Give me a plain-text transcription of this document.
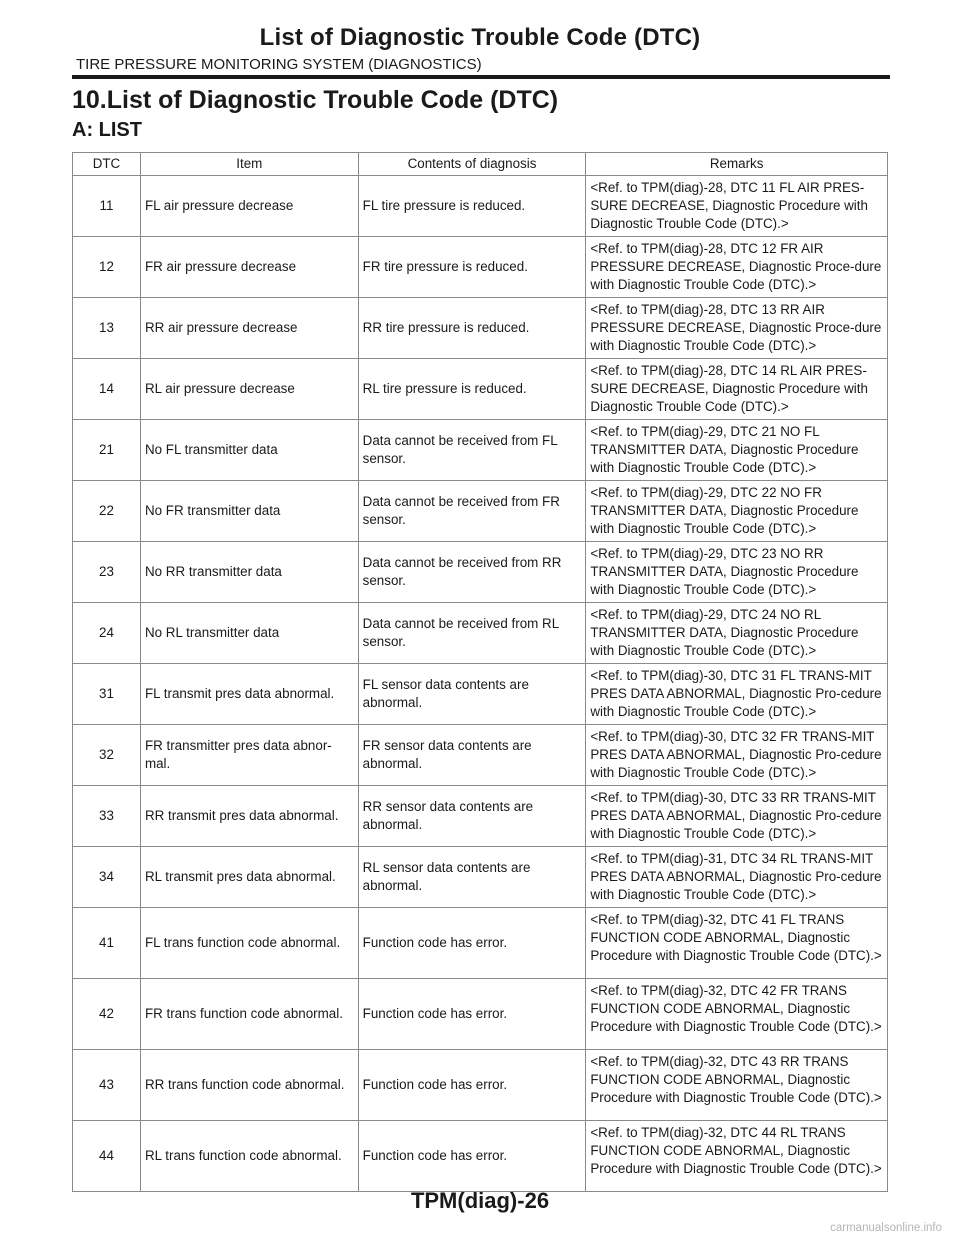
List of Diagnostic Trouble Code (DTC)
TIRE PRESSURE MONITORING SYSTEM (DIAGNOSTICS)
10.List of Diagnostic Trouble Code (DTC)
A: LIST
DTC	Item	Contents of diagnosis	Remarks
11	FL air pressure decrease	FL tire pressure is reduced.	<Ref. to TPM(diag)-28, DTC 11 FL AIR PRES-SURE DECREASE, Diagnostic Procedure with Diagnostic Trouble Code (DTC).>
12	FR air pressure decrease	FR tire pressure is reduced.	<Ref. to TPM(diag)-28, DTC 12 FR AIR PRESSURE DECREASE, Diagnostic Proce-dure with Diagnostic Trouble Code (DTC).>
13	RR air pressure decrease	RR tire pressure is reduced.	<Ref. to TPM(diag)-28, DTC 13 RR AIR PRESSURE DECREASE, Diagnostic Proce-dure with Diagnostic Trouble Code (DTC).>
14	RL air pressure decrease	RL tire pressure is reduced.	<Ref. to TPM(diag)-28, DTC 14 RL AIR PRES-SURE DECREASE, Diagnostic Procedure with Diagnostic Trouble Code (DTC).>
21	No FL transmitter data	Data cannot be received from FL sensor.	<Ref. to TPM(diag)-29, DTC 21 NO FL TRANSMITTER DATA, Diagnostic Procedure with Diagnostic Trouble Code (DTC).>
22	No FR transmitter data	Data cannot be received from FR sensor.	<Ref. to TPM(diag)-29, DTC 22 NO FR TRANSMITTER DATA, Diagnostic Procedure with Diagnostic Trouble Code (DTC).>
23	No RR transmitter data	Data cannot be received from RR sensor.	<Ref. to TPM(diag)-29, DTC 23 NO RR TRANSMITTER DATA, Diagnostic Procedure with Diagnostic Trouble Code (DTC).>
24	No RL transmitter data	Data cannot be received from RL sensor.	<Ref. to TPM(diag)-29, DTC 24 NO RL TRANSMITTER DATA, Diagnostic Procedure with Diagnostic Trouble Code (DTC).>
31	FL transmit pres data abnormal.	FL sensor data contents are abnormal.	<Ref. to TPM(diag)-30, DTC 31 FL TRANS-MIT PRES DATA ABNORMAL, Diagnostic Pro-cedure with Diagnostic Trouble Code (DTC).>
32	FR transmitter pres data abnor-mal.	FR sensor data contents are abnormal.	<Ref. to TPM(diag)-30, DTC 32 FR TRANS-MIT PRES DATA ABNORMAL, Diagnostic Pro-cedure with Diagnostic Trouble Code (DTC).>
33	RR transmit pres data abnormal.	RR sensor data contents are abnormal.	<Ref. to TPM(diag)-30, DTC 33 RR TRANS-MIT PRES DATA ABNORMAL, Diagnostic Pro-cedure with Diagnostic Trouble Code (DTC).>
34	RL transmit pres data abnormal.	RL sensor data contents are abnormal.	<Ref. to TPM(diag)-31, DTC 34 RL TRANS-MIT PRES DATA ABNORMAL, Diagnostic Pro-cedure with Diagnostic Trouble Code (DTC).>
41	FL trans function code abnormal.	Function code has error.	<Ref. to TPM(diag)-32, DTC 41 FL TRANS FUNCTION CODE ABNORMAL, Diagnostic Procedure with Diagnostic Trouble Code (DTC).>
42	FR trans function code abnormal.	Function code has error.	<Ref. to TPM(diag)-32, DTC 42 FR TRANS FUNCTION CODE ABNORMAL, Diagnostic Procedure with Diagnostic Trouble Code (DTC).>
43	RR trans function code abnormal.	Function code has error.	<Ref. to TPM(diag)-32, DTC 43 RR TRANS FUNCTION CODE ABNORMAL, Diagnostic Procedure with Diagnostic Trouble Code (DTC).>
44	RL trans function code abnormal.	Function code has error.	<Ref. to TPM(diag)-32, DTC 44 RL TRANS FUNCTION CODE ABNORMAL, Diagnostic Procedure with Diagnostic Trouble Code (DTC).>
TPM(diag)-26
carmanualsonline.info
